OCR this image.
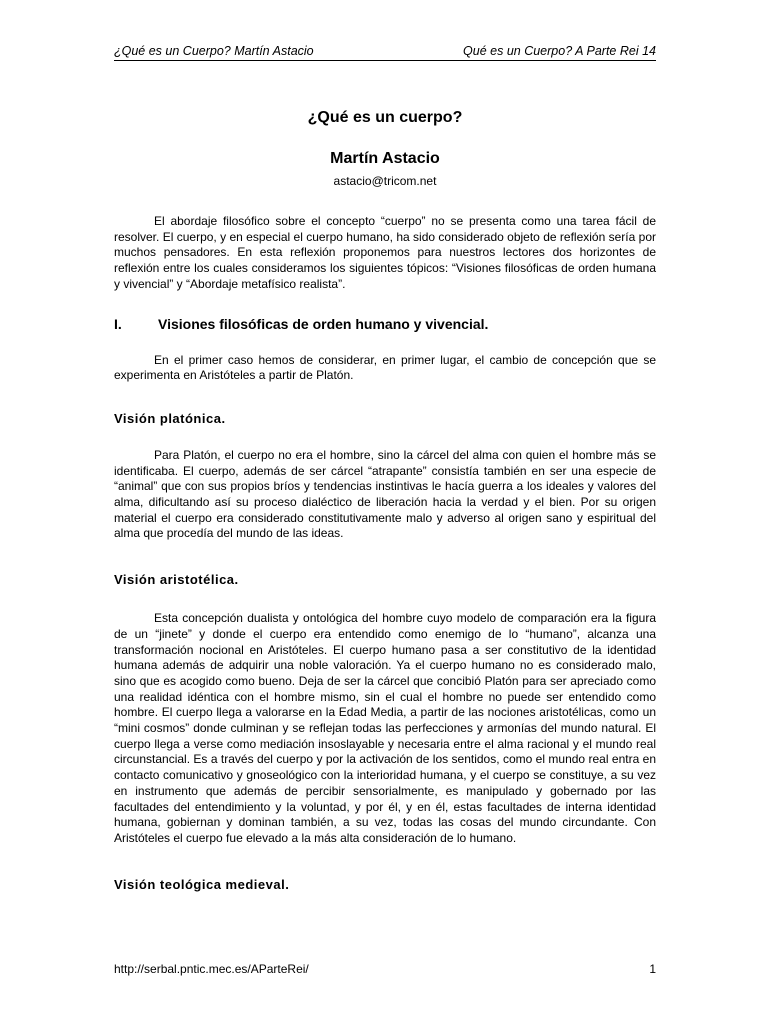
¿Qué es un Cuerpo? Martín Astacio	Qué es un Cuerpo? A Parte Rei 14
¿Qué es un cuerpo?
Martín Astacio
astacio@tricom.net

El abordaje filosófico sobre el concepto “cuerpo” no se presenta como una tarea fácil de resolver. El cuerpo, y en especial el cuerpo humano, ha sido considerado objeto de reflexión sería por muchos pensadores. En esta reflexión proponemos para nuestros lectores dos horizontes de reflexión entre los cuales consideramos los siguientes tópicos: “Visiones filosóficas de orden humana y vivencial” y “Abordaje metafísico realista”.

I.	Visiones filosóficas de orden humano y vivencial.

En el primer caso hemos de considerar, en primer lugar, el cambio de concepción que se experimenta en Aristóteles a partir de Platón.

Visión platónica.

Para Platón, el cuerpo no era el hombre, sino la cárcel del alma con quien el hombre más se identificaba. El cuerpo, además de ser cárcel “atrapante” consistía también en ser una especie de “animal” que con sus propios bríos y tendencias instintivas le hacía guerra a los ideales y valores del alma, dificultando así su proceso dialéctico de liberación hacia la verdad y el bien. Por su origen material el cuerpo era considerado constitutivamente malo y adverso al origen sano y espiritual del alma que procedía del mundo de las ideas.

Visión aristotélica.

Esta concepción dualista y ontológica del hombre cuyo modelo de comparación era la figura de un “jinete” y donde el cuerpo era entendido como enemigo de lo “humano”, alcanza una transformación nocional en Aristóteles. El cuerpo humano pasa a ser constitutivo de la identidad humana además de adquirir una noble valoración. Ya el cuerpo humano no es considerado malo, sino que es acogido como bueno. Deja de ser la cárcel que concibió Platón para ser apreciado como una realidad idéntica con el hombre mismo, sin el cual el hombre no puede ser entendido como hombre. El cuerpo llega a valorarse en la Edad Media, a partir de las nociones aristotélicas, como un “mini cosmos” donde culminan y se reflejan todas las perfecciones y armonías del mundo natural. El cuerpo llega a verse como mediación insoslayable y necesaria entre el alma racional y el mundo real circunstancial. Es a través del cuerpo y por la activación de los sentidos, como el mundo real entra en contacto comunicativo y gnoseológico con la interioridad humana, y el cuerpo se constituye, a su vez en instrumento que además de percibir sensorialmente, es manipulado y gobernado por las facultades del entendimiento y la voluntad, y por él, y en él, estas facultades de interna identidad humana, gobiernan y dominan también, a su vez, todas las cosas del mundo circundante. Con Aristóteles el cuerpo fue elevado a la más alta consideración de lo humano.

Visión teológica medieval.
http://serbal.pntic.mec.es/AParteRei/	1
